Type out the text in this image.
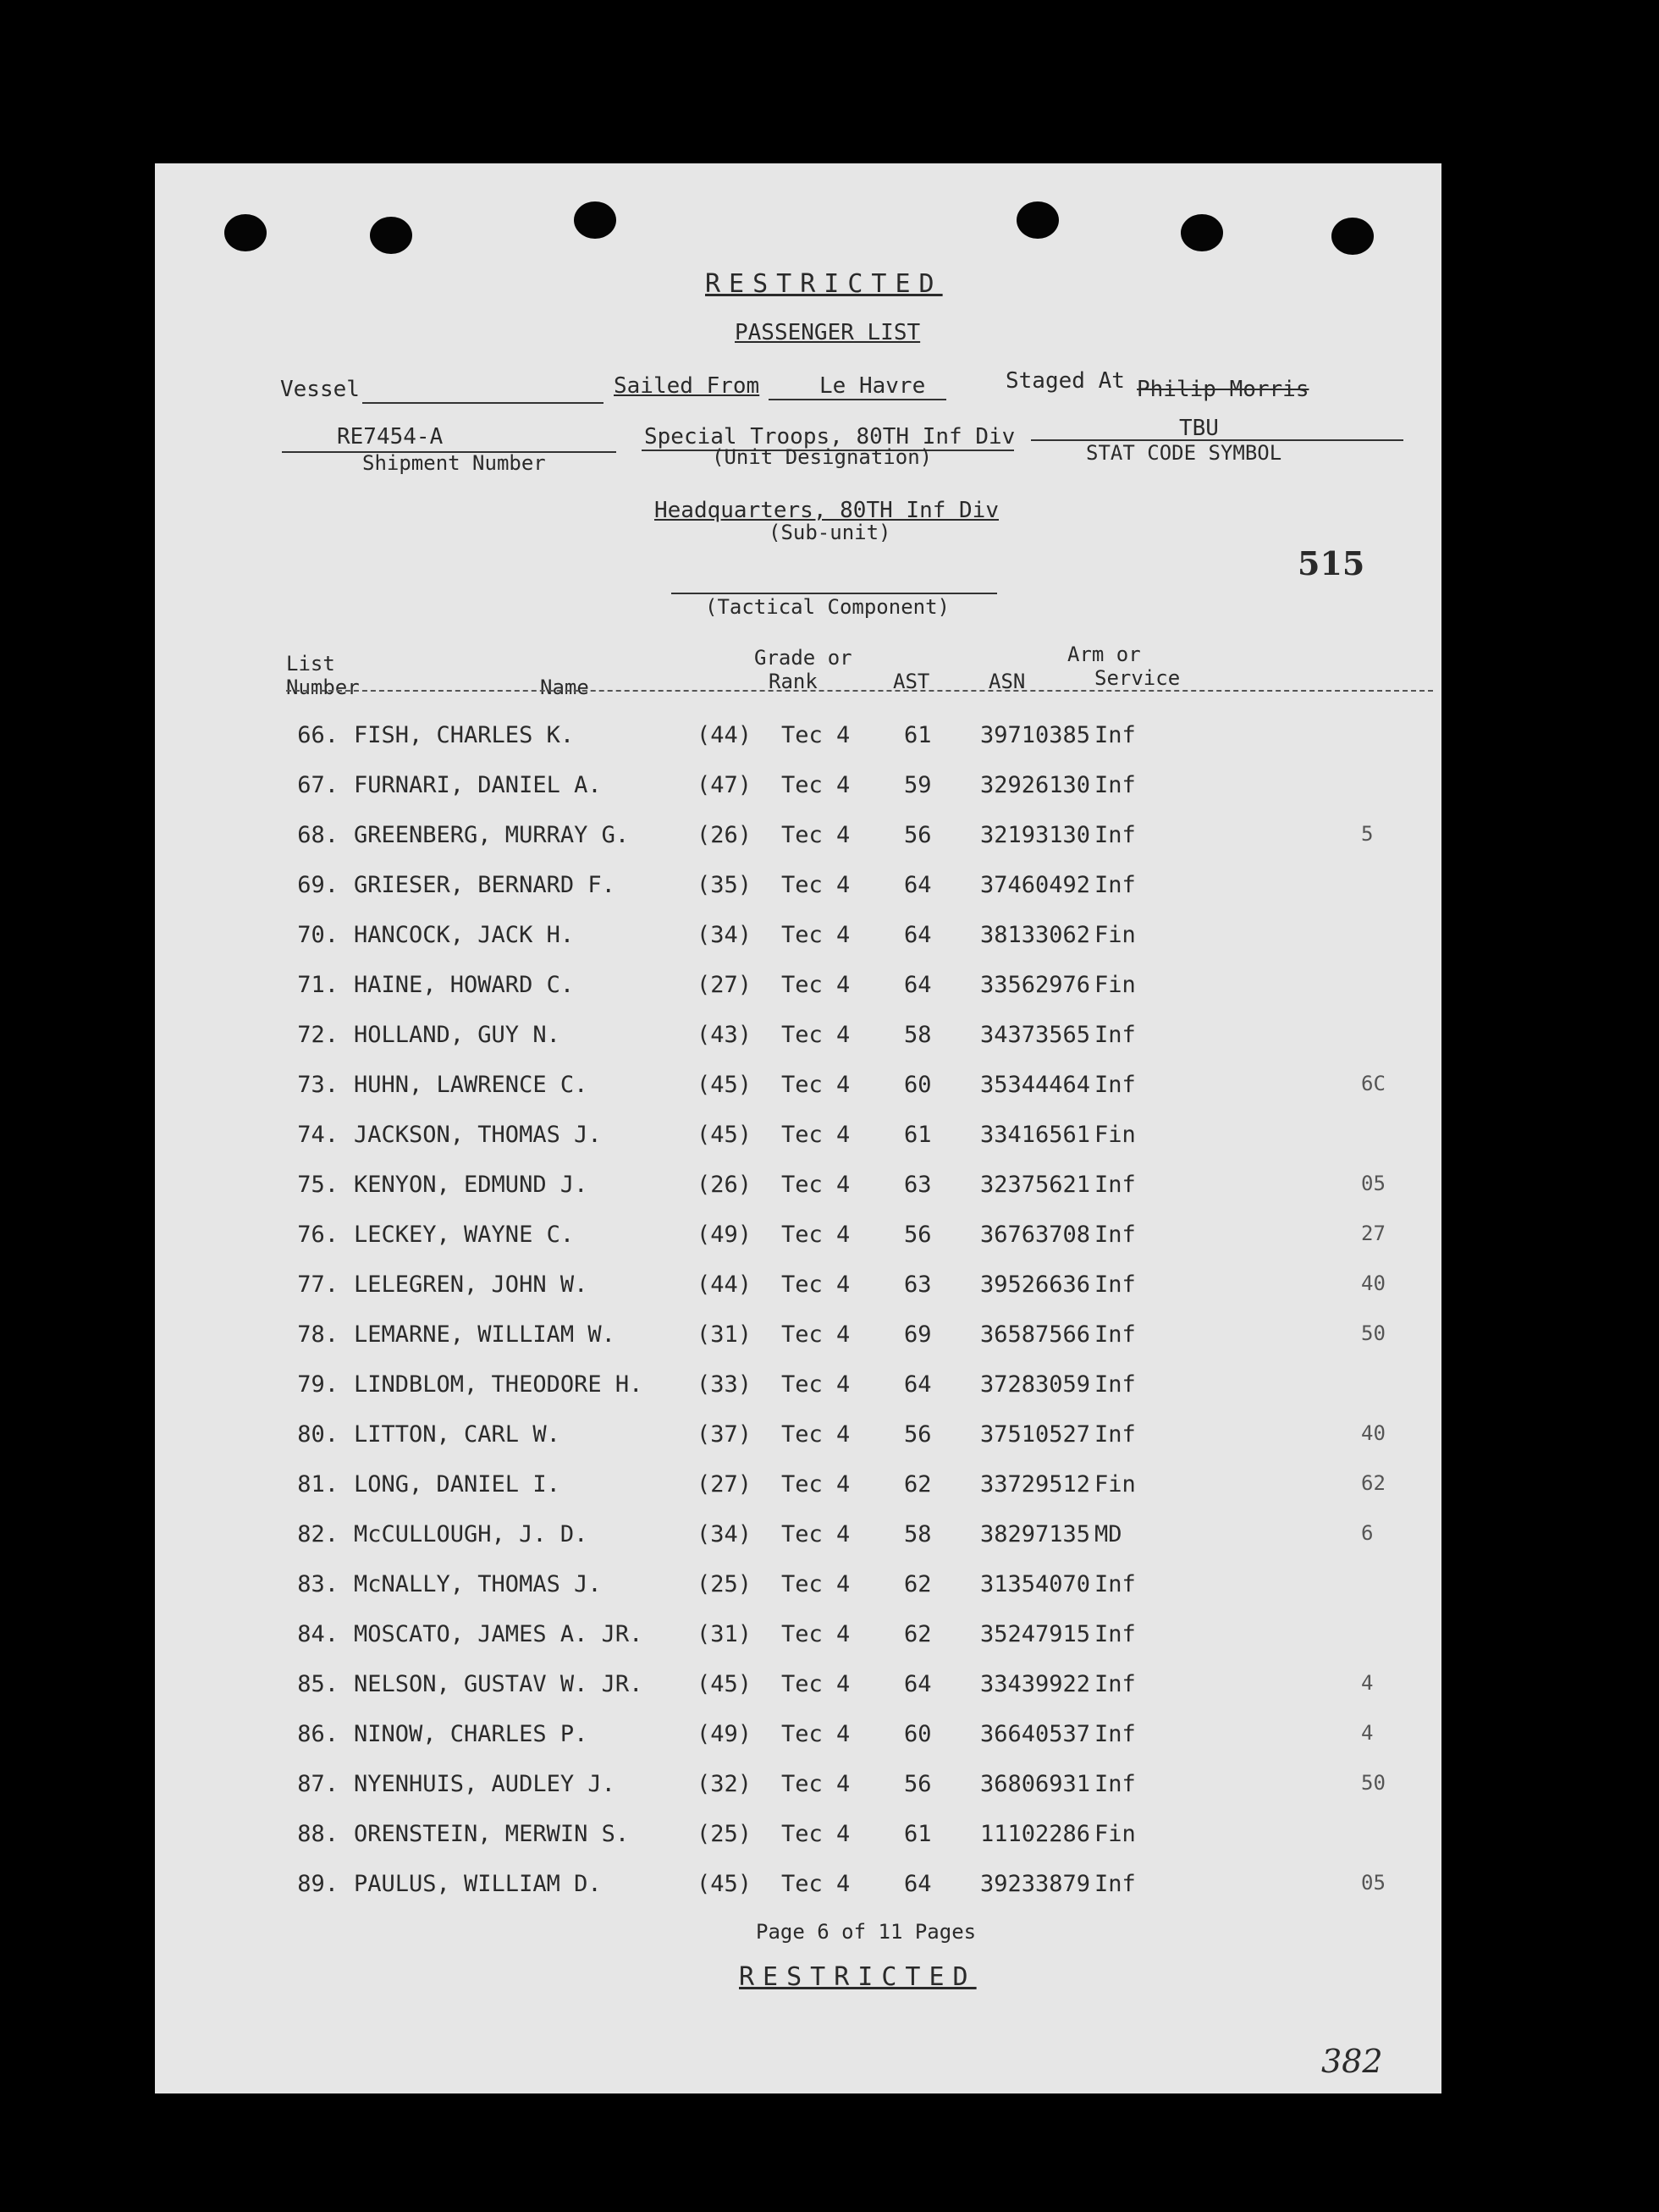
RESTRICTED
PASSENGER LIST
Vessel	Sailed From	Le Havre	Staged At Philip Morris
RE7454-A
Shipment Number
Special Troops, 80TH Inf Div
(Unit Designation)
TBU
STAT CODE SYMBOL
Headquarters, 80TH Inf Div
(Sub-unit)
515
(Tactical Component)
List
Number	Name
Grade or
Rank	AST	ASN
Arm or
Service
66. FISH, CHARLES K.	(44) Tec 4 61 39710385 Inf
67. FURNARI, DANIEL A.	(47) Tec 4 59 32926130 Inf
68. GREENBERG, MURRAY G.	(26) Tec 4 56 32193130 Inf	5
69. GRIESER, BERNARD F.	(35) Tec 4 64 37460492 Inf
70. HANCOCK, JACK H.	(34) Tec 4 64 38133062 Fin
71. HAINE, HOWARD C.	(27) Tec 4 64 33562976 Fin
72. HOLLAND, GUY N.	(43) Tec 4 58 34373565 Inf
73. HUHN, LAWRENCE C.	(45) Tec 4 60 35344464 Inf	6C
74. JACKSON, THOMAS J.	(45) Tec 4 61 33416561 Fin
75. KENYON, EDMUND J.	(26) Tec 4 63 32375621 Inf	05
76. LECKEY, WAYNE C.	(49) Tec 4 56 36763708 Inf	27
77. LELEGREN, JOHN W.	(44) Tec 4 63 39526636 Inf	40
78. LEMARNE, WILLIAM W.	(31) Tec 4 69 36587566 Inf	50
79. LINDBLOM, THEODORE H. (33) Tec 4 64 37283059 Inf
80. LITTON, CARL W.	(37) Tec 4 56 37510527 Inf	40
81. LONG, DANIEL I.	(27) Tec 4 62 33729512 Fin	62
82. McCULLOUGH, J. D.	(34) Tec 4 58 38297135 MD	6
83. McNALLY, THOMAS J.	(25) Tec 4 62 31354070 Inf
84. MOSCATO, JAMES A. JR. (31) Tec 4 62 35247915 Inf
85. NELSON, GUSTAV W. JR. (45) Tec 4 64 33439922 Inf	4
86. NINOW, CHARLES P.	(49) Tec 4 60 36640537 Inf	4
87. NYENHUIS, AUDLEY J.	(32) Tec 4 56 36806931 Inf	50
88. ORENSTEIN, MERWIN S.	(25) Tec 4 61 11102286 Fin
89. PAULUS, WILLIAM D.	(45) Tec 4 64 39233879 Inf	05
Page 6 of 11 Pages
RESTRICTED
382
